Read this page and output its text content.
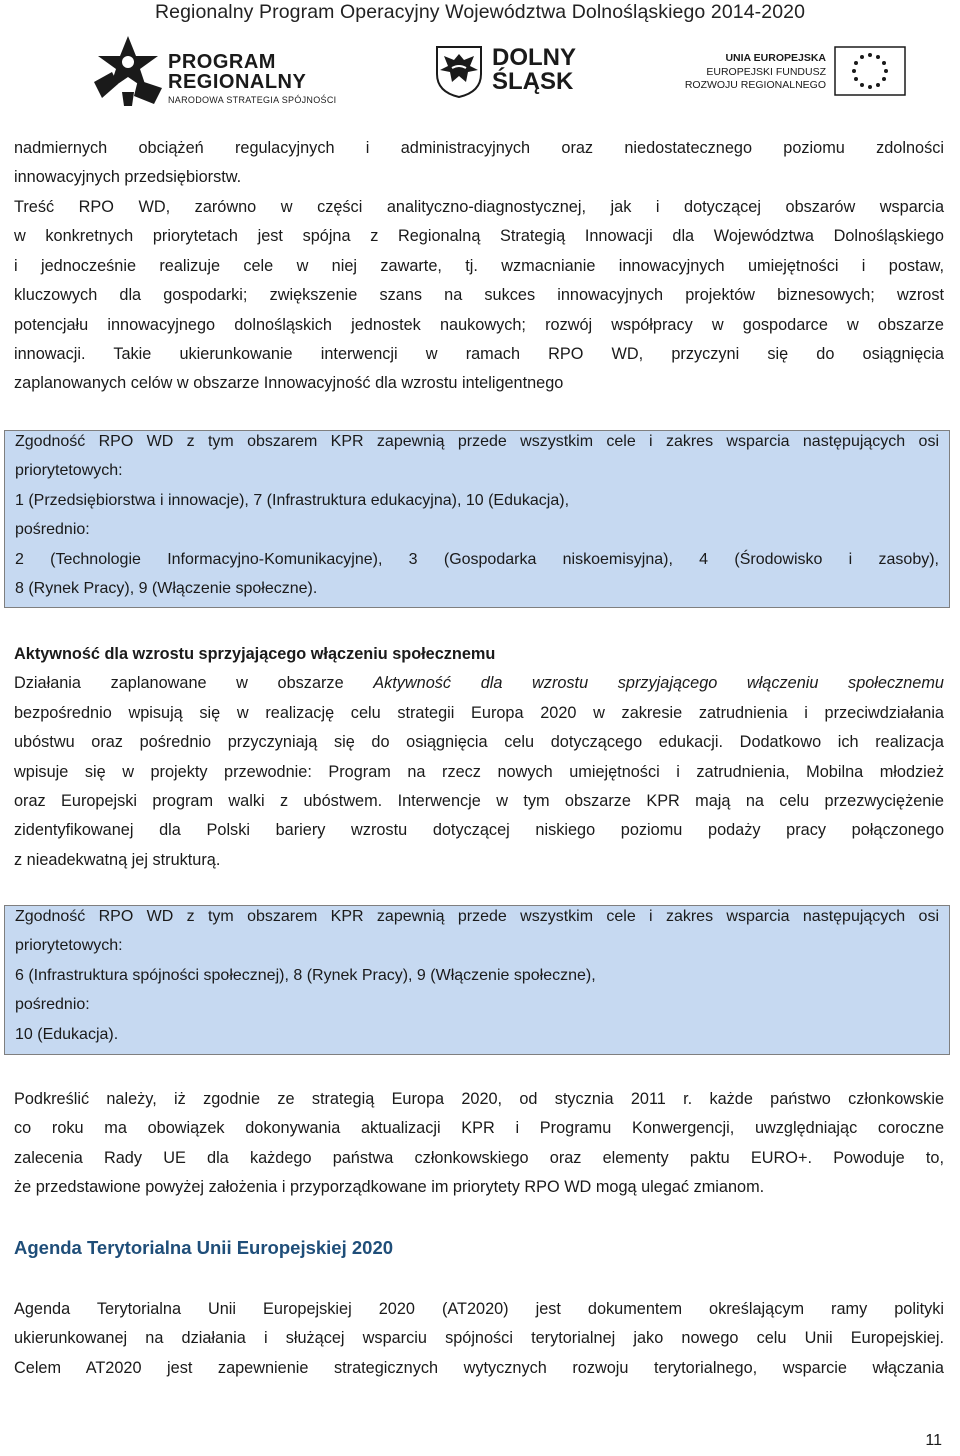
Regionalny Program Operacyjny Województwa Dolnośląskiego 2014-2020
PROGRAM
REGIONALNY
NARODOWA STRATEGIA SPÓJNOŚCI
DOLNY
ŚLĄSK
UNIA EUROPEJSKA
EUROPEJSKI FUNDUSZ
ROZWOJU REGIONALNEGO
nadmiernych obciążeń regulacyjnych i administracyjnych oraz niedostatecznego poziomu zdolności
innowacyjnych przedsiębiorstw.
Treść RPO WD, zarówno w części analityczno-diagnostycznej, jak i dotyczącej obszarów wsparcia
w konkretnych priorytetach jest spójna z Regionalną Strategią Innowacji dla Województwa Dolnośląskiego
i jednocześnie realizuje cele w niej zawarte, tj. wzmacnianie innowacyjnych umiejętności i postaw,
kluczowych dla gospodarki; zwiększenie szans na sukces innowacyjnych projektów biznesowych; wzrost
potencjału innowacyjnego dolnośląskich jednostek naukowych; rozwój współpracy w gospodarce w obszarze
innowacji. Takie ukierunkowanie interwencji w ramach RPO WD, przyczyni się do osiągnięcia
zaplanowanych celów w obszarze Innowacyjność dla wzrostu inteligentnego
Zgodność RPO WD z tym obszarem KPR zapewnią przede wszystkim cele i zakres wsparcia następujących osi
priorytetowych:
1 (Przedsiębiorstwa i innowacje), 7 (Infrastruktura edukacyjna), 10 (Edukacja),
pośrednio:
2 (Technologie Informacyjno-Komunikacyjne), 3 (Gospodarka niskoemisyjna), 4 (Środowisko i zasoby),
8 (Rynek Pracy), 9 (Włączenie społeczne).
Aktywność dla wzrostu sprzyjającego włączeniu społecznemu
Działania zaplanowane w obszarze Aktywność dla wzrostu sprzyjającego włączeniu społecznemu
bezpośrednio wpisują się w realizację celu strategii Europa 2020 w zakresie zatrudnienia i przeciwdziałania
ubóstwu oraz pośrednio przyczyniają się do osiągnięcia celu dotyczącego edukacji. Dodatkowo ich realizacja
wpisuje się w projekty przewodnie: Program na rzecz nowych umiejętności i zatrudnienia, Mobilna młodzież
oraz Europejski program walki z ubóstwem. Interwencje w tym obszarze KPR mają na celu przezwyciężenie
zidentyfikowanej dla Polski bariery wzrostu dotyczącej niskiego poziomu podaży pracy połączonego
z nieadekwatną jej strukturą.
Zgodność RPO WD z tym obszarem KPR zapewnią przede wszystkim cele i zakres wsparcia następujących osi
priorytetowych:
6 (Infrastruktura spójności społecznej), 8 (Rynek Pracy), 9 (Włączenie społeczne),
pośrednio:
10 (Edukacja).
Podkreślić należy, iż zgodnie ze strategią Europa 2020, od stycznia 2011 r. każde państwo członkowskie
co roku ma obowiązek dokonywania aktualizacji KPR i Programu Konwergencji, uwzględniając coroczne
zalecenia Rady UE dla każdego państwa członkowskiego oraz elementy paktu EURO+. Powoduje to,
że przedstawione powyżej założenia i przyporządkowane im priorytety RPO WD mogą ulegać zmianom.
Agenda Terytorialna Unii Europejskiej 2020
Agenda Terytorialna Unii Europejskiej 2020 (AT2020) jest dokumentem określającym ramy polityki
ukierunkowanej na działania i służącej wsparciu spójności terytorialnej jako nowego celu Unii Europejskiej.
Celem AT2020 jest zapewnienie strategicznych wytycznych rozwoju terytorialnego, wsparcie włączania
11
